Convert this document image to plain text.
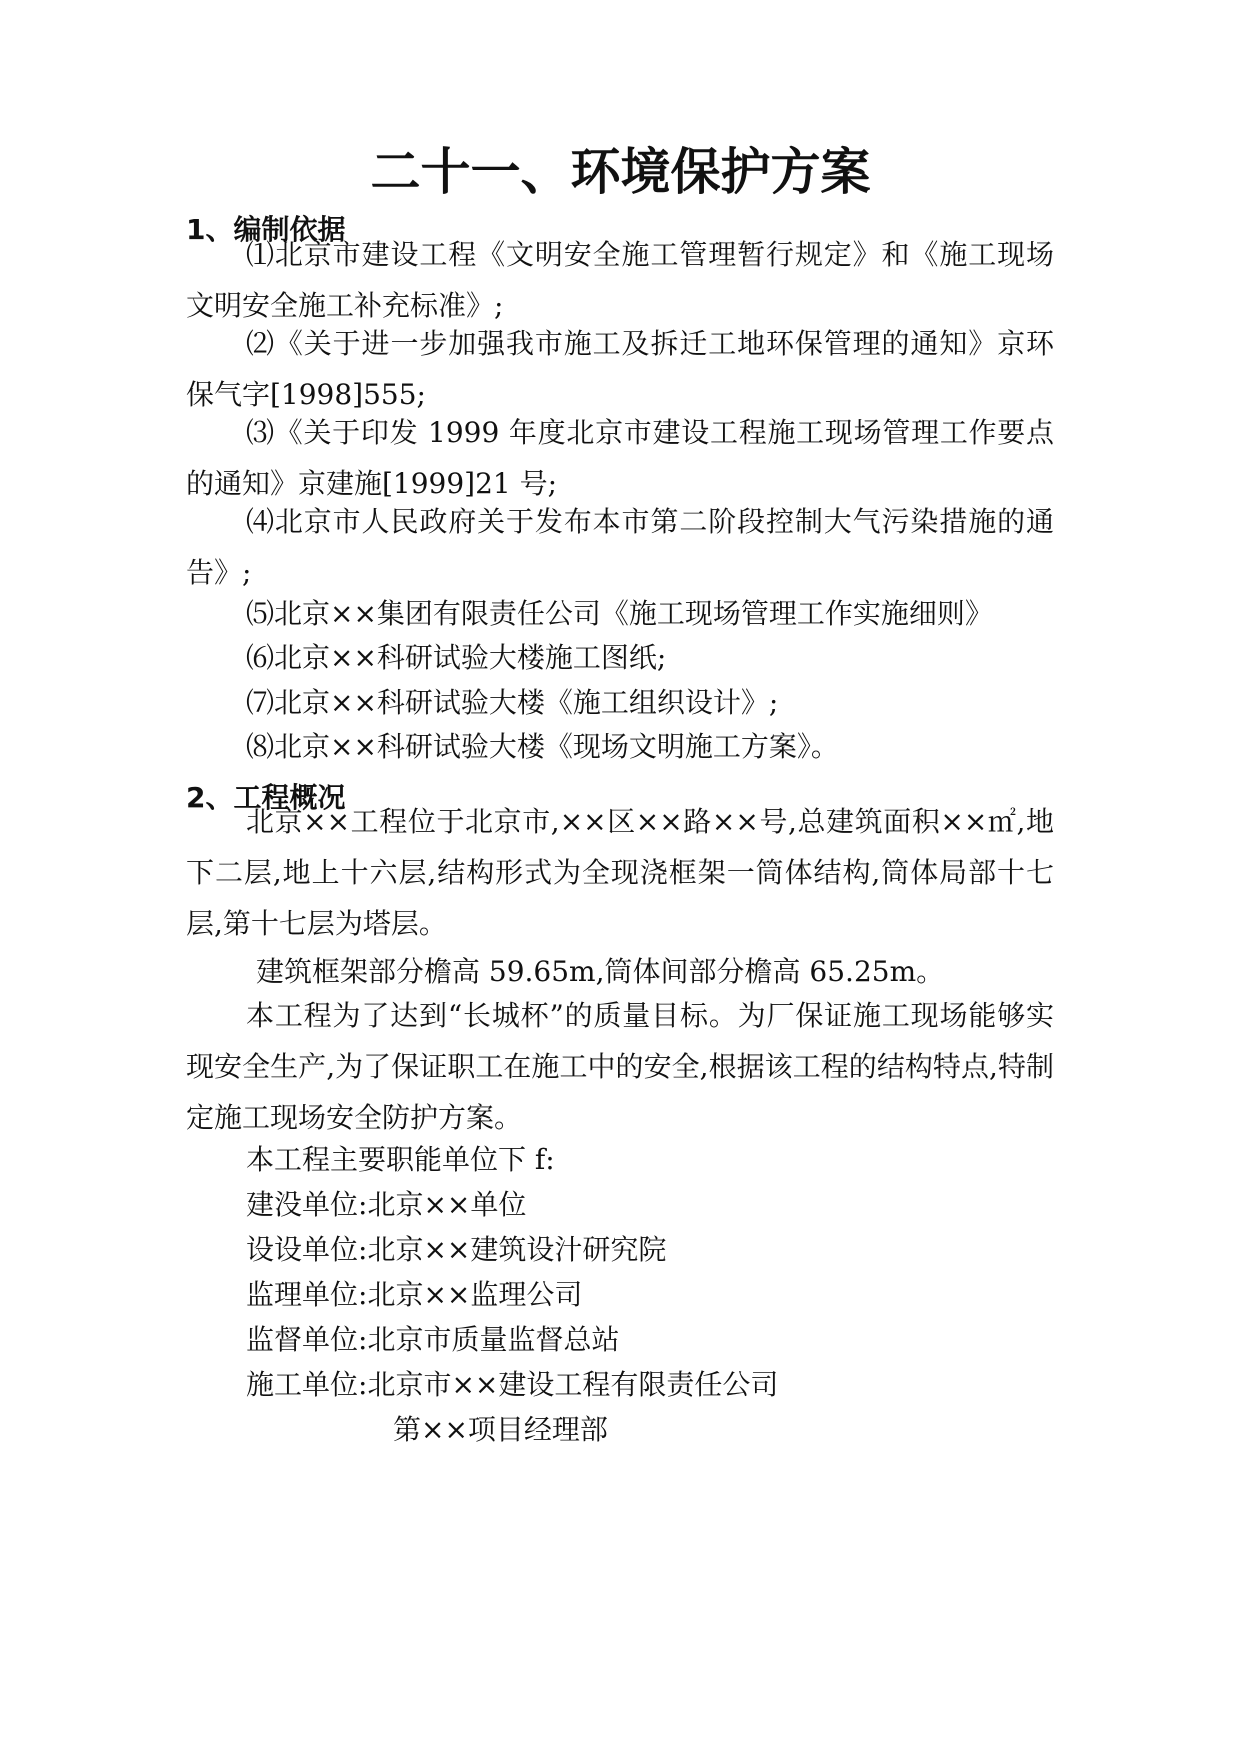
二十一、环境保护方案
1、编制依据
⑴北京市建设工程《文明安全施工管理暂行规定》和《施工现场文明安全施工补充标准》;
⑵《关于进一步加强我市施工及拆迁工地环保管理的通知》京环保气字[1998]555;
⑶《关于印发 1999 年度北京市建设工程施工现场管理工作要点的通知》京建施[1999]21 号;
⑷北京市人民政府关于发布本市第二阶段控制大气污染措施的通告》;
⑸北京××集团有限责任公司《施工现场管理工作实施细则》
⑹北京××科研试验大楼施工图纸;
⑺北京××科研试验大楼《施工组织设计》;
⑻北京××科研试验大楼《现场文明施工方案》。
2、工程概况
北京××工程位于北京市,××区××路××号,总建筑面积××㎡,地下二层,地上十六层,结构形式为全现浇框架一筒体结构,筒体局部十七层,第十七层为塔层。
建筑框架部分檐高 59.65m,筒体间部分檐高 65.25m。
本工程为了达到“长城杯”的质量目标。为厂保证施工现场能够实现安全生产,为了保证职工在施工中的安全,根据该工程的结构特点,特制定施工现场安全防护方案。
本工程主要职能单位下 f:
建没单位:北京××单位
设设单位:北京××建筑设汁研究院
监理单位:北京××监理公司
监督单位:北京市质量监督总站
施工单位:北京市××建设工程有限责任公司
第××项目经理部
